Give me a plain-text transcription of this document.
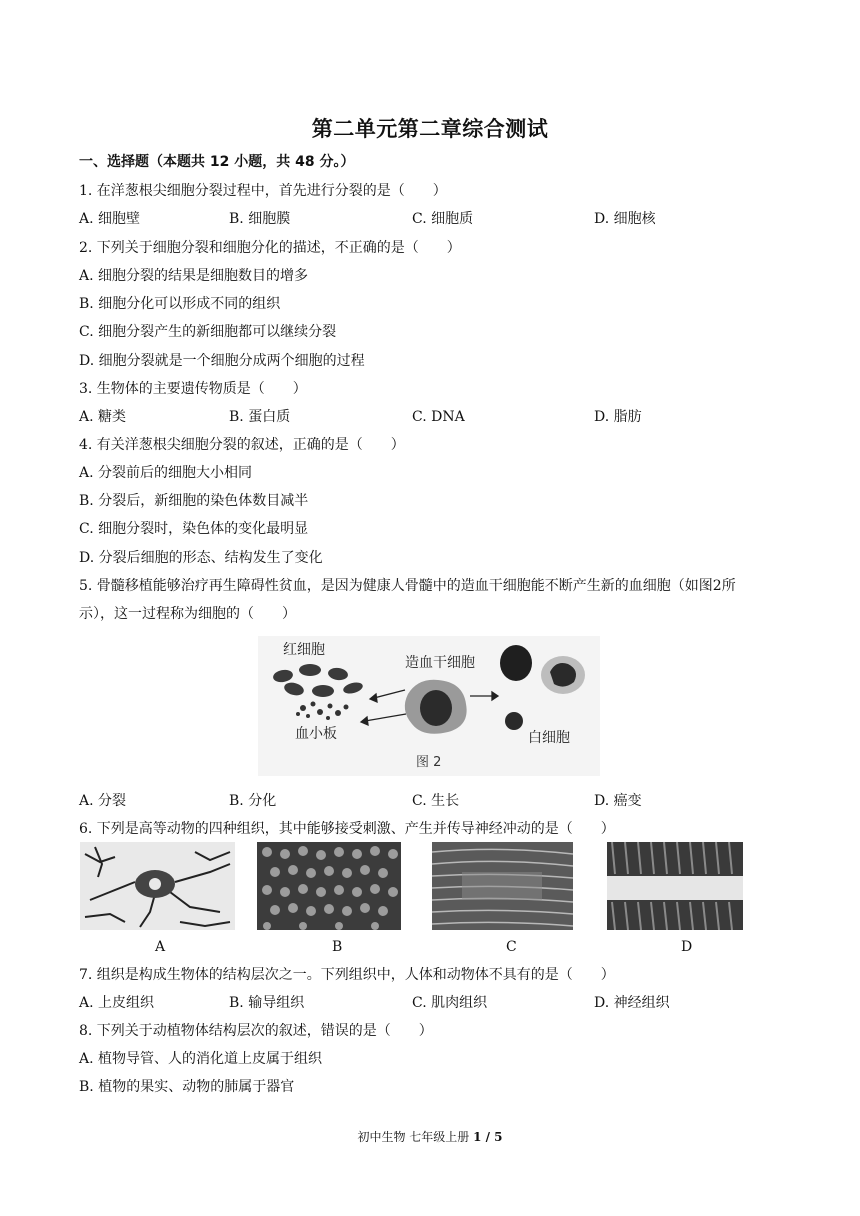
第二单元第二章综合测试
一、选择题（本题共 12 小题，共 48 分。）
1. 在洋葱根尖细胞分裂过程中，首先进行分裂的是（　　）
A. 细胞壁	B. 细胞膜	C. 细胞质	D. 细胞核
2. 下列关于细胞分裂和细胞分化的描述，不正确的是（　　）
A. 细胞分裂的结果是细胞数目的增多
B. 细胞分化可以形成不同的组织
C. 细胞分裂产生的新细胞都可以继续分裂
D. 细胞分裂就是一个细胞分成两个细胞的过程
3. 生物体的主要遗传物质是（　　）
A. 糖类	B. 蛋白质	C. DNA	D. 脂肪
4. 有关洋葱根尖细胞分裂的叙述，正确的是（　　）
A. 分裂前后的细胞大小相同
B. 分裂后，新细胞的染色体数目减半
C. 细胞分裂时，染色体的变化最明显
D. 分裂后细胞的形态、结构发生了变化
5. 骨髓移植能够治疗再生障碍性贫血，是因为健康人骨髓中的造血干细胞能不断产生新的血细胞（如图2所
示），这一过程称为细胞的（　　）
红细胞
造血干细胞
血小板	白细胞
图 2
A. 分裂	B. 分化	C. 生长	D. 癌变
6. 下列是高等动物的四种组织，其中能够接受刺激、产生并传导神经冲动的是（　　）
A	B	C	D
7. 组织是构成生物体的结构层次之一。下列组织中，人体和动物体不具有的是（　　）
A. 上皮组织	B. 输导组织	C. 肌肉组织	D. 神经组织
8. 下列关于动植物体结构层次的叙述，错误的是（　　）
A. 植物导管、人的消化道上皮属于组织
B. 植物的果实、动物的肺属于器官
初中生物 七年级上册 1 / 5
